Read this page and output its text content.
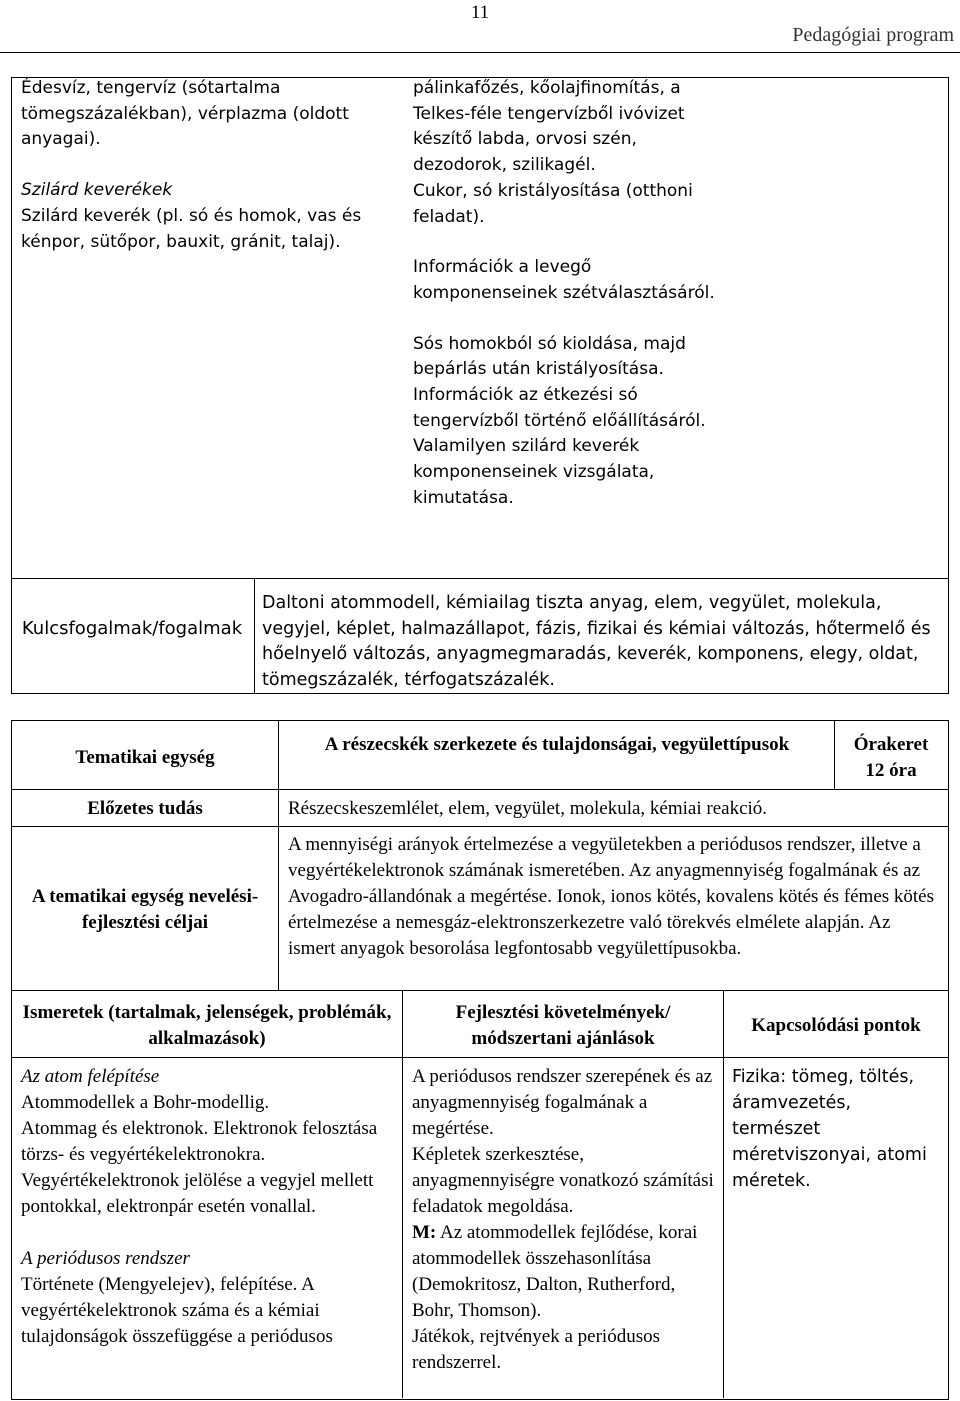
11
Pedagógiai program

Édesvíz, tengervíz (sótartalma tömegszázalékban), vérplazma (oldott anyagai).

Szilárd keverékek

Szilárd keverék (pl. só és homok, vas és kénpor, sütőpor, bauxit, gránit, talaj).

pálinkafőzés, kőolajfinomítás, a Telkes-féle tengervízből ivóvizet készítő labda, orvosi szén, dezodorok, szilikagél.

Cukor, só kristályosítása (otthoni feladat).

Információk a levegő komponenseinek szétválasztásáról.

Sós homokból só kioldása, majd bepárlás után kristályosítása.

Információk az étkezési só tengervízből történő előállításáról.

Valamilyen szilárd keverék komponenseinek vizsgálata, kimutatása.

Kulcsfogalmak/fogalmak

Daltoni atommodell, kémiailag tiszta anyag, elem, vegyület, molekula, vegyjel, képlet, halmazállapot, fázis, fizikai és kémiai változás, hőtermelő és hőelnyelő változás, anyagmegmaradás, keverék, komponens, elegy, oldat, tömegszázalék, térfogatszázalék.

Tematikai egység

A részecskék szerkezete és tulajdonságai, vegyülettípusok	Órakeret

12 óra

Előzetes tudás	Részecskeszemlélet, elem, vegyület, molekula, kémiai reakció.

A tematikai egység nevelési-fejlesztési céljai

A mennyiségi arányok értelmezése a vegyületekben a periódusos rendszer, illetve a vegyértékelektronok számának ismeretében. Az anyagmennyiség fogalmának és az Avogadro-állandónak a megértése. Ionok, ionos kötés, kovalens kötés és fémes kötés értelmezése a nemesgáz-elektronszerkezetre való törekvés elmélete alapján. Az ismert anyagok besorolása legfontosabb vegyülettípusokba.

Ismeretek (tartalmak, jelenségek, problémák, alkalmazások)

Fejlesztési követelmények/ módszertani ajánlások

Kapcsolódási pontok

Az atom felépítése

Atommodellek a Bohr-modellig.

Atommag és elektronok. Elektronok felosztása törzs- és vegyértékelektronokra.

Vegyértékelektronok jelölése a vegyjel mellett pontokkal, elektronpár esetén vonallal.

A periódusos rendszer

Története (Mengyelejev), felépítése. A vegyértékelektronok száma és a kémiai tulajdonságok összefüggése a periódusos

A periódusos rendszer szerepének és az anyagmennyiség fogalmának a megértése.

Képletek szerkesztése, anyagmennyiségre vonatkozó számítási feladatok megoldása.

M: Az atommodellek fejlődése, korai atommodellek összehasonlítása (Demokritosz, Dalton, Rutherford, Bohr, Thomson).

Játékok, rejtvények a periódusos rendszerrel.

Fizika: tömeg, töltés, áramvezetés, természet méretviszonyai, atomi méretek.
